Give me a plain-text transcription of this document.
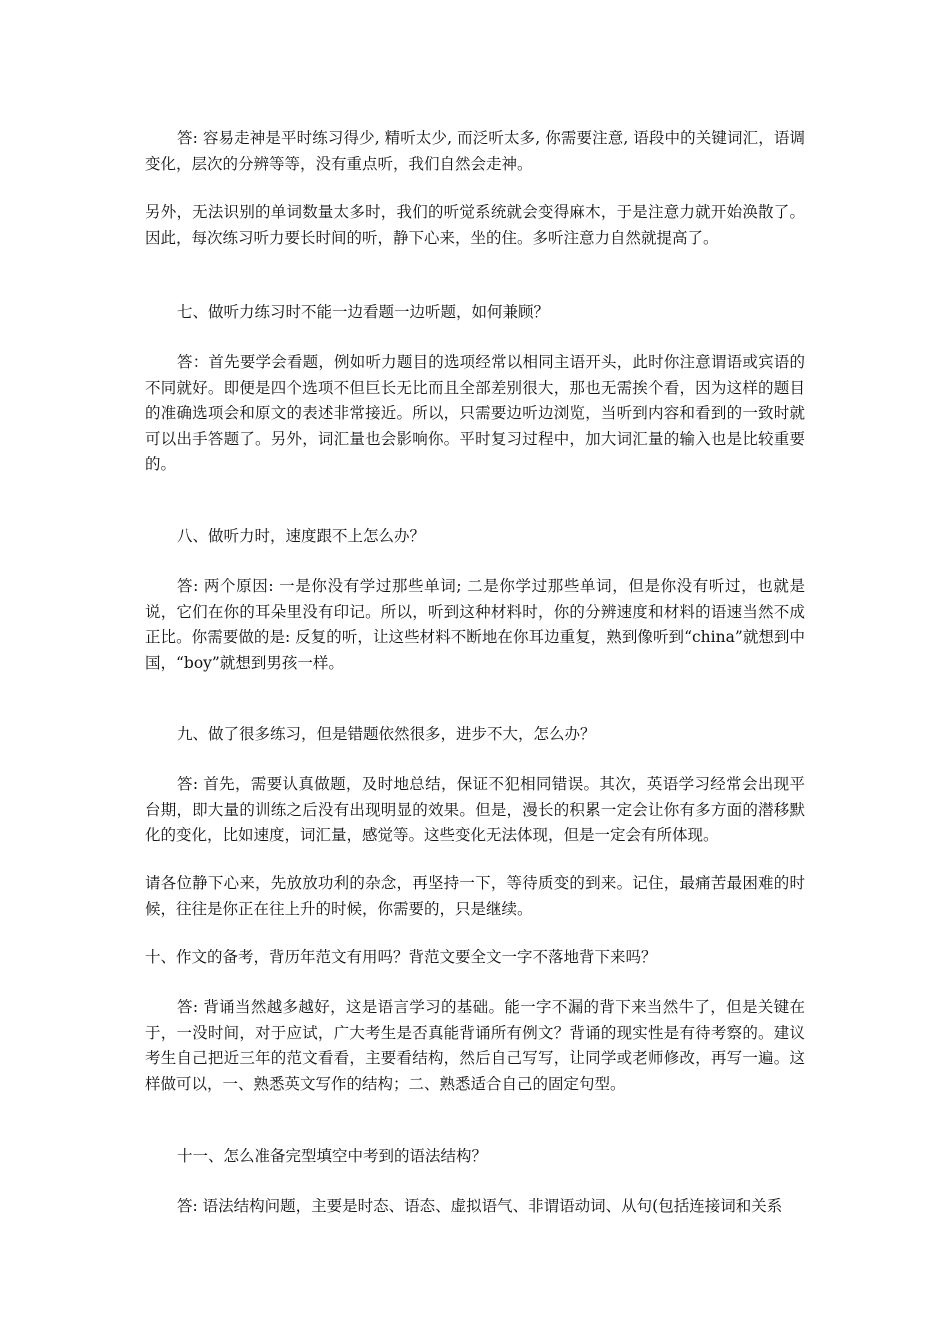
答: 容易走神是平时练习得少, 精听太少, 而泛听太多, 你需要注意, 语段中的关键词汇，语调变化，层次的分辨等等，没有重点听，我们自然会走神。

另外，无法识别的单词数量太多时，我们的听觉系统就会变得麻木，于是注意力就开始涣散了。因此，每次练习听力要长时间的听，静下心来，坐的住。多听注意力自然就提高了。

七、做听力练习时不能一边看题一边听题，如何兼顾？

答：首先要学会看题，例如听力题目的选项经常以相同主语开头，此时你注意谓语或宾语的不同就好。即便是四个选项不但巨长无比而且全部差别很大，那也无需挨个看，因为这样的题目的准确选项会和原文的表述非常接近。所以，只需要边听边浏览，当听到内容和看到的一致时就可以出手答题了。另外，词汇量也会影响你。平时复习过程中，加大词汇量的输入也是比较重要的。

八、做听力时，速度跟不上怎么办？

答: 两个原因: 一是你没有学过那些单词; 二是你学过那些单词，但是你没有听过，也就是说，它们在你的耳朵里没有印记。所以，听到这种材料时，你的分辨速度和材料的语速当然不成正比。你需要做的是: 反复的听，让这些材料不断地在你耳边重复，熟到像听到“china”就想到中国，“boy”就想到男孩一样。

九、做了很多练习，但是错题依然很多，进步不大，怎么办？

答: 首先，需要认真做题，及时地总结，保证不犯相同错误。其次，英语学习经常会出现平台期，即大量的训练之后没有出现明显的效果。但是，漫长的积累一定会让你有多方面的潜移默化的变化，比如速度，词汇量，感觉等。这些变化无法体现，但是一定会有所体现。

请各位静下心来，先放放功利的杂念，再坚持一下，等待质变的到来。记住，最痛苦最困难的时候，往往是你正在往上升的时候，你需要的，只是继续。

十、作文的备考，背历年范文有用吗？背范文要全文一字不落地背下来吗？

答: 背诵当然越多越好，这是语言学习的基础。能一字不漏的背下来当然牛了，但是关键在于，一没时间，对于应试，广大考生是否真能背诵所有例文？背诵的现实性是有待考察的。建议考生自己把近三年的范文看看，主要看结构，然后自己写写，让同学或老师修改，再写一遍。这样做可以，一、熟悉英文写作的结构；二、熟悉适合自己的固定句型。

十一、怎么准备完型填空中考到的语法结构？

答: 语法结构问题，主要是时态、语态、虚拟语气、非谓语动词、从句(包括连接词和关系
